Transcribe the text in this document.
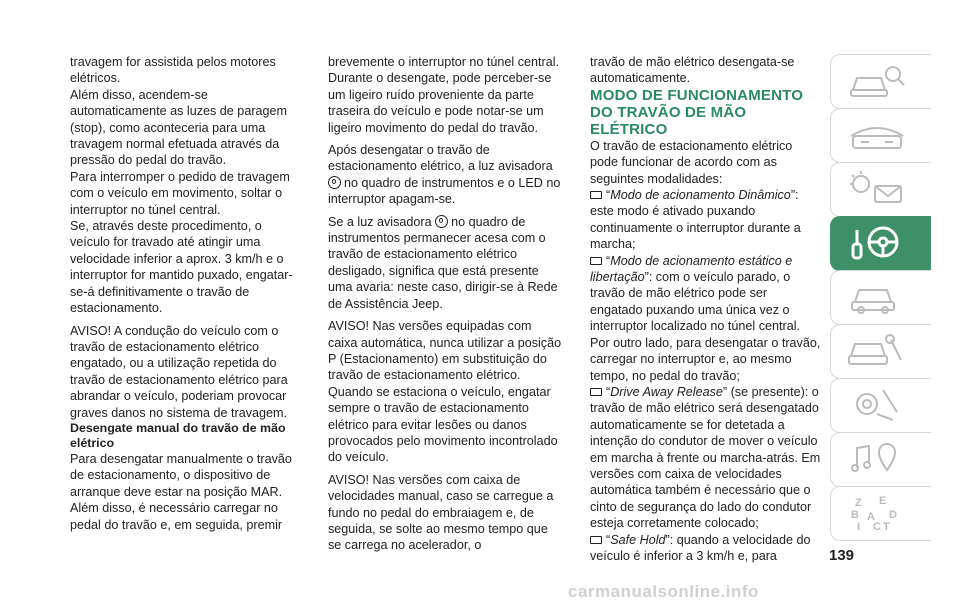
travagem for assistida pelos motores elétricos.

Além disso, acendem-se automaticamente as luzes de paragem (stop), como aconteceria para uma travagem normal efetuada através da pressão do pedal do travão.

Para interromper o pedido de travagem com o veículo em movimento, soltar o interruptor no túnel central.

Se, através deste procedimento, o veículo for travado até atingir uma velocidade inferior a aprox. 3 km/h e o interruptor for mantido puxado, engatar-se-á definitivamente o travão de estacionamento.

AVISO! A condução do veículo com o travão de estacionamento elétrico engatado, ou a utilização repetida do travão de estacionamento elétrico para abrandar o veículo, poderiam provocar graves danos no sistema de travagem.

Desengate manual do travão de mão elétrico

Para desengatar manualmente o travão de estacionamento, o dispositivo de arranque deve estar na posição MAR. Além disso, é necessário carregar no pedal do travão e, em seguida, premir

brevemente o interruptor no túnel central.

Durante o desengate, pode perceber-se um ligeiro ruído proveniente da parte traseira do veículo e pode notar-se um ligeiro movimento do pedal do travão.

Após desengatar o travão de estacionamento elétrico, a luz avisadora
no quadro de instrumentos e o LED no interruptor apagam-se.

Se a luz avisadora no quadro de instrumentos permanecer acesa com o travão de estacionamento elétrico desligado, significa que está presente uma avaria: neste caso, dirigir-se à Rede de Assistência Jeep.

AVISO! Nas versões equipadas com caixa automática, nunca utilizar a posição P (Estacionamento) em substituição do travão de estacionamento elétrico. Quando se estaciona o veículo, engatar sempre o travão de estacionamento elétrico para evitar lesões ou danos provocados pelo movimento incontrolado do veículo.

AVISO! Nas versões com caixa de velocidades manual, caso se carregue a fundo no pedal do embraiagem e, de seguida, se solte ao mesmo tempo que se carrega no acelerador, o

travão de mão elétrico desengata-se automaticamente.

MODO DE FUNCIONAMENTO DO TRAVÃO DE MÃO ELÉTRICO

O travão de estacionamento elétrico pode funcionar de acordo com as seguintes modalidades:

“Modo de acionamento Dinâmico”: este modo é ativado puxando continuamente o interruptor durante a marcha;

“Modo de acionamento estático e libertação”: com o veículo parado, o travão de mão elétrico pode ser engatado puxando uma única vez o interruptor localizado no túnel central. Por outro lado, para desengatar o travão, carregar no interruptor e, ao mesmo tempo, no pedal do travão;

“Drive Away Release” (se presente): o travão de mão elétrico será desengatado automaticamente se for detetada a intenção do condutor de mover o veículo em marcha à frente ou marcha-atrás. Em versões com caixa de velocidades automática também é necessário que o cinto de segurança do lado do condutor esteja corretamente colocado;

“Safe Hold”: quando a velocidade do veículo é inferior a 3 km/h e, para

Z E
B A D
I C T
139
carmanualsonline.info
